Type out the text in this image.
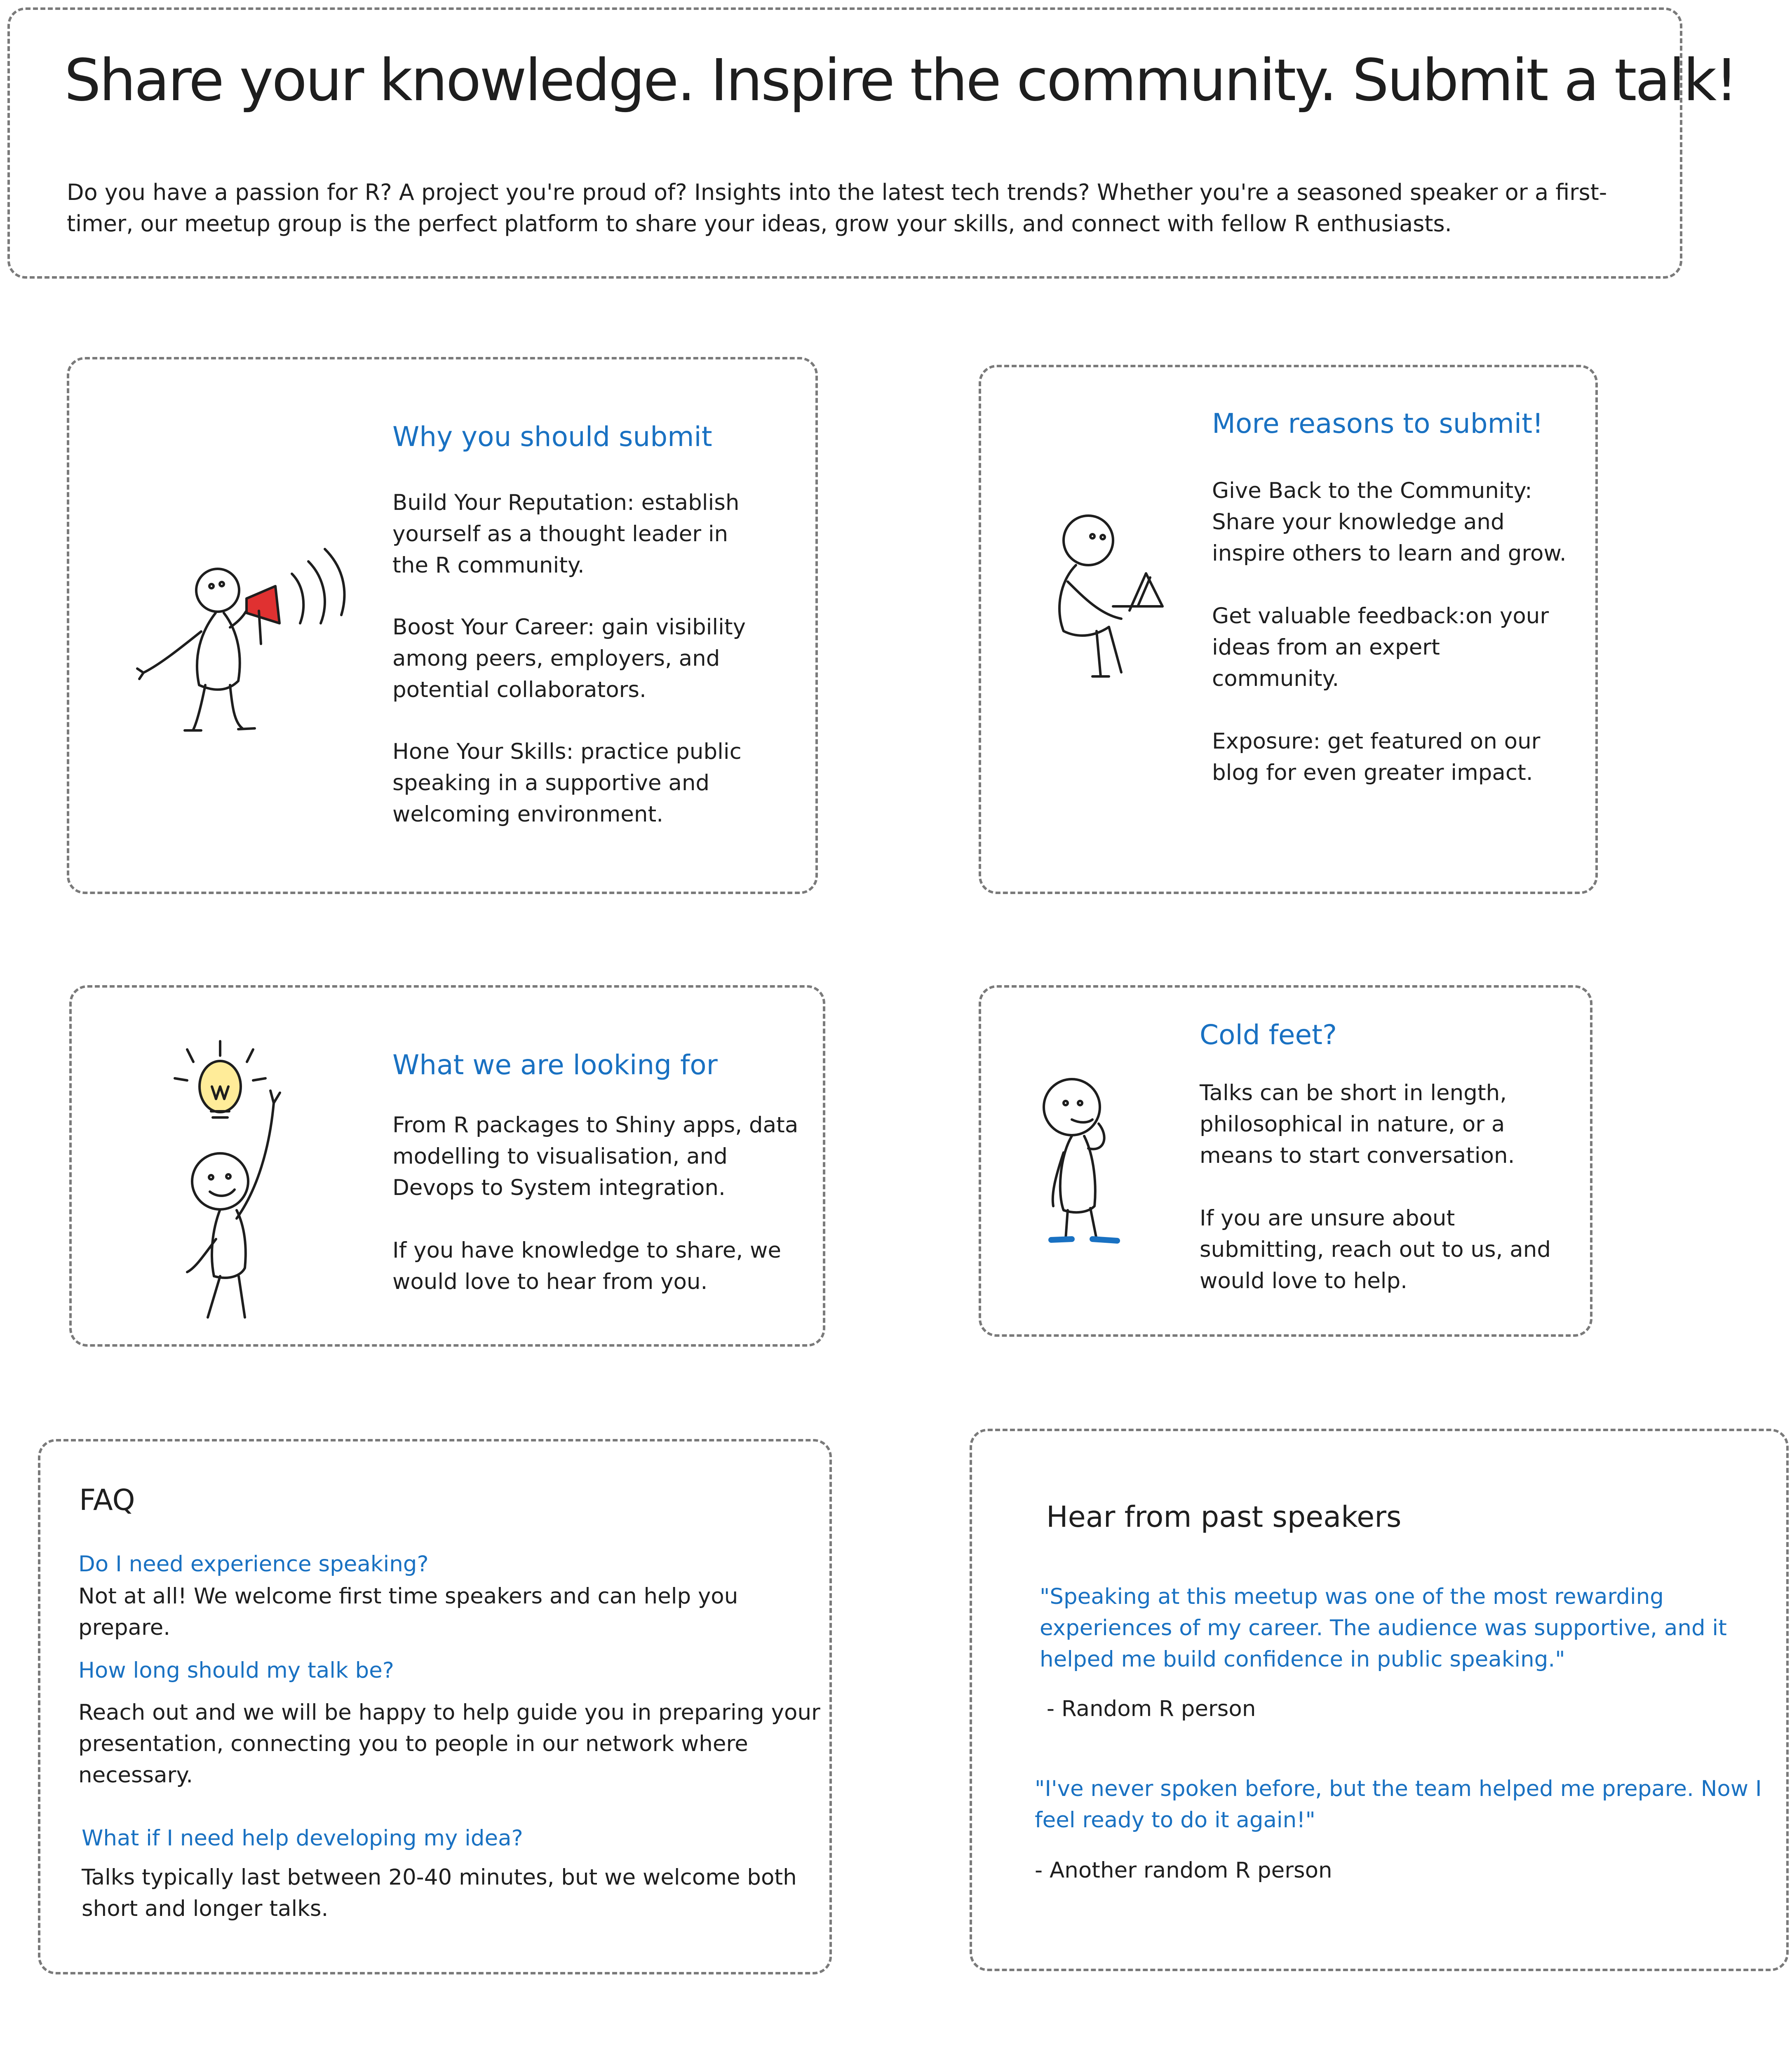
Share your knowledge. Inspire the community. Submit a talk!

Do you have a passion for R? A project you're proud of? Insights into the latest tech trends? Whether you're a seasoned speaker or a first-timer, our meetup group is the perfect platform to share your ideas, grow your skills, and connect with fellow R enthusiasts.

Why you should submit

Build Your Reputation: establish
yourself as a thought leader in
the R community.

Boost Your Career: gain visibility
among peers, employers, and
potential collaborators.

Hone Your Skills: practice public
speaking in a supportive and
welcoming environment.

More reasons to submit!

Give Back to the Community:
Share your knowledge and
inspire others to learn and grow.

Get valuable feedback:on your
ideas from an expert
community.

Exposure: get featured on our
blog for even greater impact.

What we are looking for

From R packages to Shiny apps, data
modelling to visualisation, and
Devops to System integration.

If you have knowledge to share, we
would love to hear from you.

Cold feet?

Talks can be short in length,
philosophical in nature, or a
means to start conversation.

If you are unsure about
submitting, reach out to us, and
would love to help.

FAQ

Do I need experience speaking?

Not at all! We welcome first time speakers and can help you prepare.

How long should my talk be?

Reach out and we will be happy to help guide you in preparing your
presentation, connecting you to people in our network where
necessary.

What if I need help developing my idea?

Talks typically last between 20-40 minutes, but we welcome both
short and longer talks.

Hear from past speakers

"Speaking at this meetup was one of the most rewarding
experiences of my career. The audience was supportive, and it
helped me build confidence in public speaking."

- Random R person

"I've never spoken before, but the team helped me prepare. Now I
feel ready to do it again!"

- Another random R person
